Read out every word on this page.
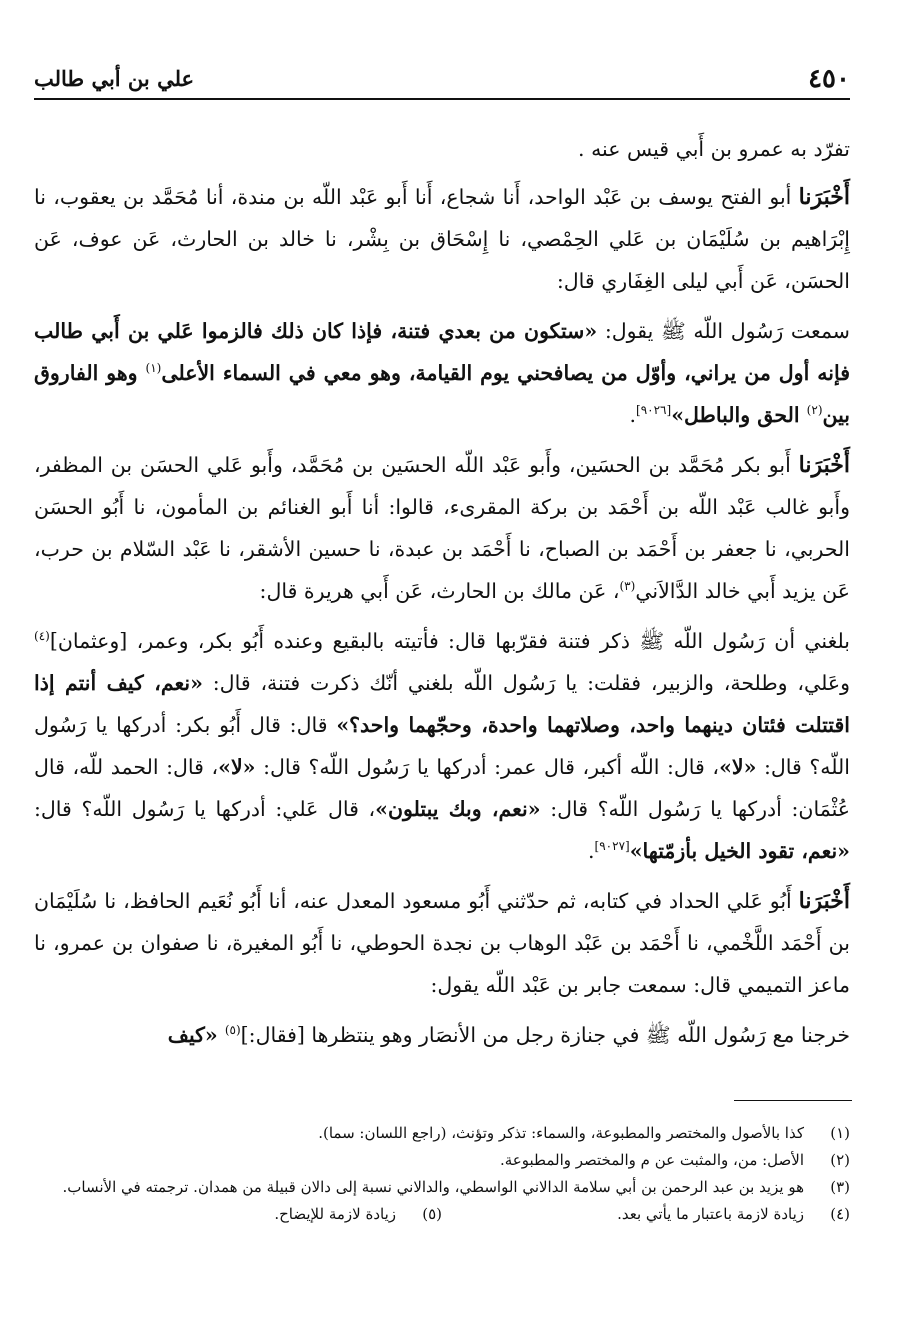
٤٥٠
علي بن أبي طالب

تفرّد به عمرو بن أَبي قيس عنه .

أَخْبَرَنا أبو الفتح يوسف بن عَبْد الواحد، أَنا شجاع، أَنا أَبو عَبْد اللّه بن مندة، أنا مُحَمَّد بن يعقوب، نا إِبْرَاهيم بن سُلَيْمَان بن عَلي الحِمْصي، نا إِسْحَاق بن بِشْر، نا خالد بن الحارث، عَن عوف، عَن الحسَن، عَن أَبي ليلى الغِفَاري قال:

سمعت رَسُول اللّه ﷺ يقول: «ستكون من بعدي فتنة، فإذا كان ذلك فالزموا عَلي بن أَبي طالب فإنه أول من يراني، وأوّل من يصافحني يوم القيامة، وهو معي في السماء الأعلى$^{(١)}$ وهو الفاروق بين$^{(٢)}$ الحق والباطل»[٩٠٢٦].

أَخْبَرَنا أَبو بكر مُحَمَّد بن الحسَين، وأَبو عَبْد اللّه الحسَين بن مُحَمَّد، وأَبو عَلي الحسَن بن المظفر، وأَبو غالب عَبْد اللّه بن أَحْمَد بن بركة المقرىء، قالوا: أنا أَبو الغنائم بن المأمون، نا أَبُو الحسَن الحربي، نا جعفر بن أَحْمَد بن الصباح، نا أَحْمَد بن عبدة، نا حسين الأشقر، نا عَبْد السّلام بن حرب، عَن يزيد أَبي خالد الدَّالاَني$^{(٣)}$، عَن مالك بن الحارث، عَن أَبي هريرة قال:

بلغني أن رَسُول اللّه ﷺ ذكر فتنة فقرّبها قال: فأتيته بالبقيع وعنده أَبُو بكر، وعمر، [وعثمان]$^{(٤)}$ وعَلي، وطلحة، والزبير، فقلت: يا رَسُول اللّه بلغني أنّك ذكرت فتنة، قال: «نعم، كيف أنتم إذا اقتتلت فئتان دينهما واحد، وصلاتهما واحدة، وحجّهما واحد؟» قال: قال أَبُو بكر: أدركها يا رَسُول اللّه؟ قال: «لا»، قال: اللّه أكبر، قال عمر: أدركها يا رَسُول اللّه؟ قال: «لا»، قال: الحمد للّه، قال عُثْمَان: أدركها يا رَسُول اللّه؟ قال: «نعم، وبك يبتلون»، قال عَلي: أدركها يا رَسُول اللّه؟ قال: «نعم، تقود الخيل بأزمّتها»[٩٠٢٧].

أَخْبَرَنا أَبُو عَلي الحداد في كتابه، ثم حدّثني أَبُو مسعود المعدل عنه، أنا أَبُو نُعَيم الحافظ، نا سُلَيْمَان بن أَحْمَد اللَّخْمي، نا أَحْمَد بن عَبْد الوهاب بن نجدة الحوطي، نا أَبُو المغيرة، نا صفوان بن عمرو، نا ماعز التميمي قال: سمعت جابر بن عَبْد اللّه يقول:

خرجنا مع رَسُول اللّه ﷺ في جنازة رجل من الأنصَار وهو ينتظرها [فقال:]$^{(٥)}$ «كيف

(١)
كذا بالأصول والمختصر والمطبوعة، والسماء: تذكر وتؤنث، (راجع اللسان: سما).
(٢)
الأصل: من، والمثبت عن م والمختصر والمطبوعة.
(٣)
هو يزيد بن عبد الرحمن بن أبي سلامة الدالاني الواسطي، والدالاني نسبة إلى دالان قبيلة من همدان. ترجمته في الأنساب.
(٤)
زيادة لازمة باعتبار ما يأتي بعد.
(٥)
زيادة لازمة للإيضاح.
